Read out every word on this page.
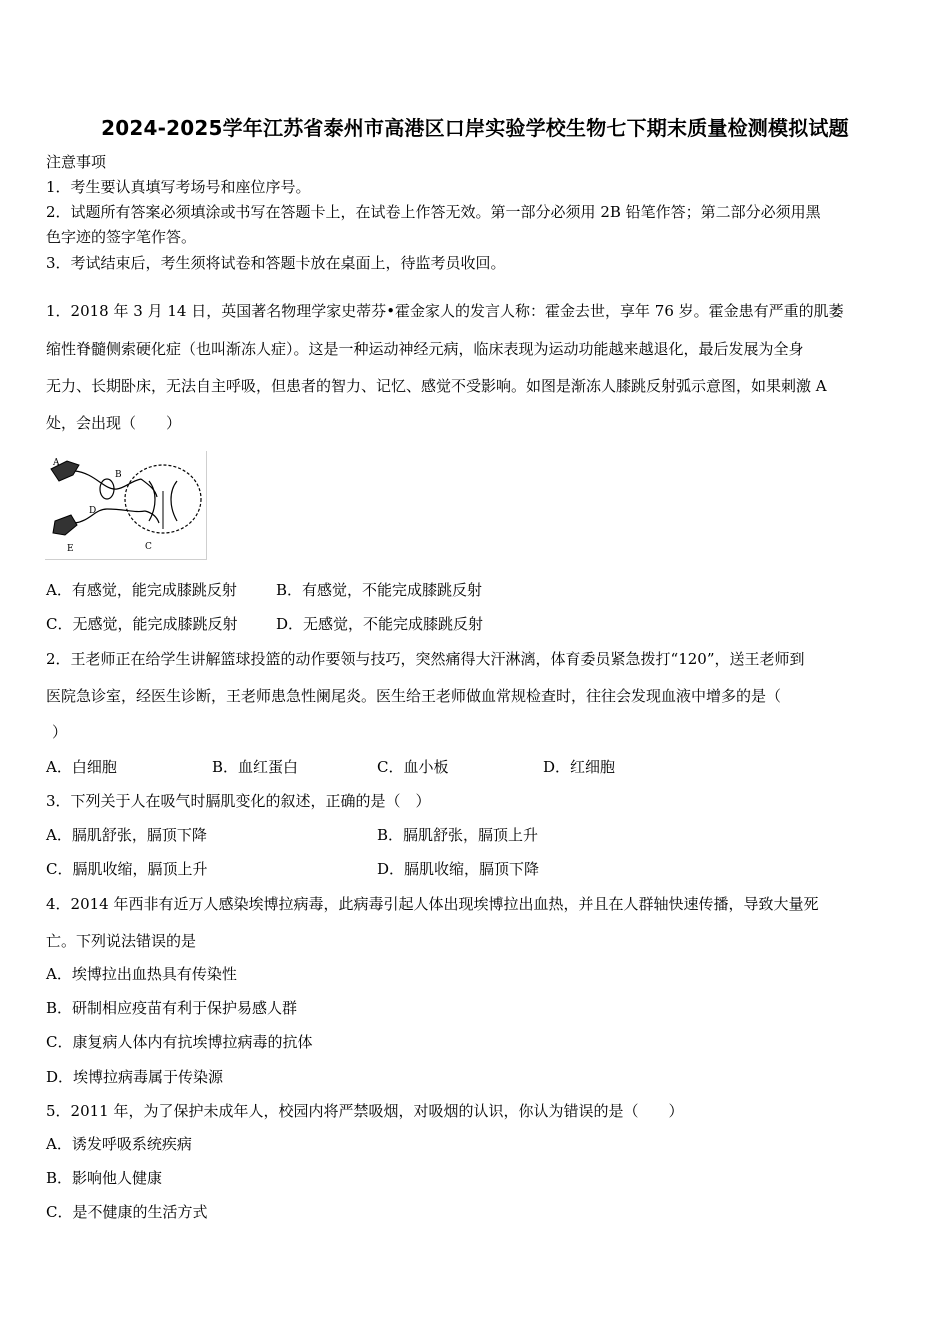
2024-2025学年江苏省泰州市高港区口岸实验学校生物七下期末质量检测模拟试题
注意事项
1．考生要认真填写考场号和座位序号。
2．试题所有答案必须填涂或书写在答题卡上，在试卷上作答无效。第一部分必须用 2B 铅笔作答；第二部分必须用黑
色字迹的签字笔作答。
3．考试结束后，考生须将试卷和答题卡放在桌面上，待监考员收回。
1．2018 年 3 月 14 日，英国著名物理学家史蒂芬•霍金家人的发言人称：霍金去世，享年 76 岁。霍金患有严重的肌萎
缩性脊髓侧索硬化症（也叫渐冻人症）。这是一种运动神经元病，临床表现为运动功能越来越退化，最后发展为全身
无力、长期卧床，无法自主呼吸，但患者的智力、记忆、感觉不受影响。如图是渐冻人膝跳反射弧示意图，如果刺激 A
处，会出现（　　）
A
B
D
E	C
A．有感觉，能完成膝跳反射	B．有感觉，不能完成膝跳反射
C．无感觉，能完成膝跳反射	D．无感觉，不能完成膝跳反射
2．王老师正在给学生讲解篮球投篮的动作要领与技巧，突然痛得大汗淋漓，体育委员紧急拨打“120”，送王老师到
医院急诊室，经医生诊断，王老师患急性阑尾炎。医生给王老师做血常规检查时，往往会发现血液中增多的是（
）
A．白细胞	B．血红蛋白	C．血小板	D．红细胞
3．下列关于人在吸气时膈肌变化的叙述，正确的是（　）
A．膈肌舒张，膈顶下降	B．膈肌舒张，膈顶上升
C．膈肌收缩，膈顶上升	D．膈肌收缩，膈顶下降
4．2014 年西非有近万人感染埃博拉病毒，此病毒引起人体出现埃博拉出血热，并且在人群轴快速传播，导致大量死
亡。下列说法错误的是
A．埃博拉出血热具有传染性
B．研制相应疫苗有利于保护易感人群
C．康复病人体内有抗埃博拉病毒的抗体
D．埃博拉病毒属于传染源
5．2011 年，为了保护未成年人，校园内将严禁吸烟，对吸烟的认识，你认为错误的是（　　）
A．诱发呼吸系统疾病
B．影响他人健康
C．是不健康的生活方式
